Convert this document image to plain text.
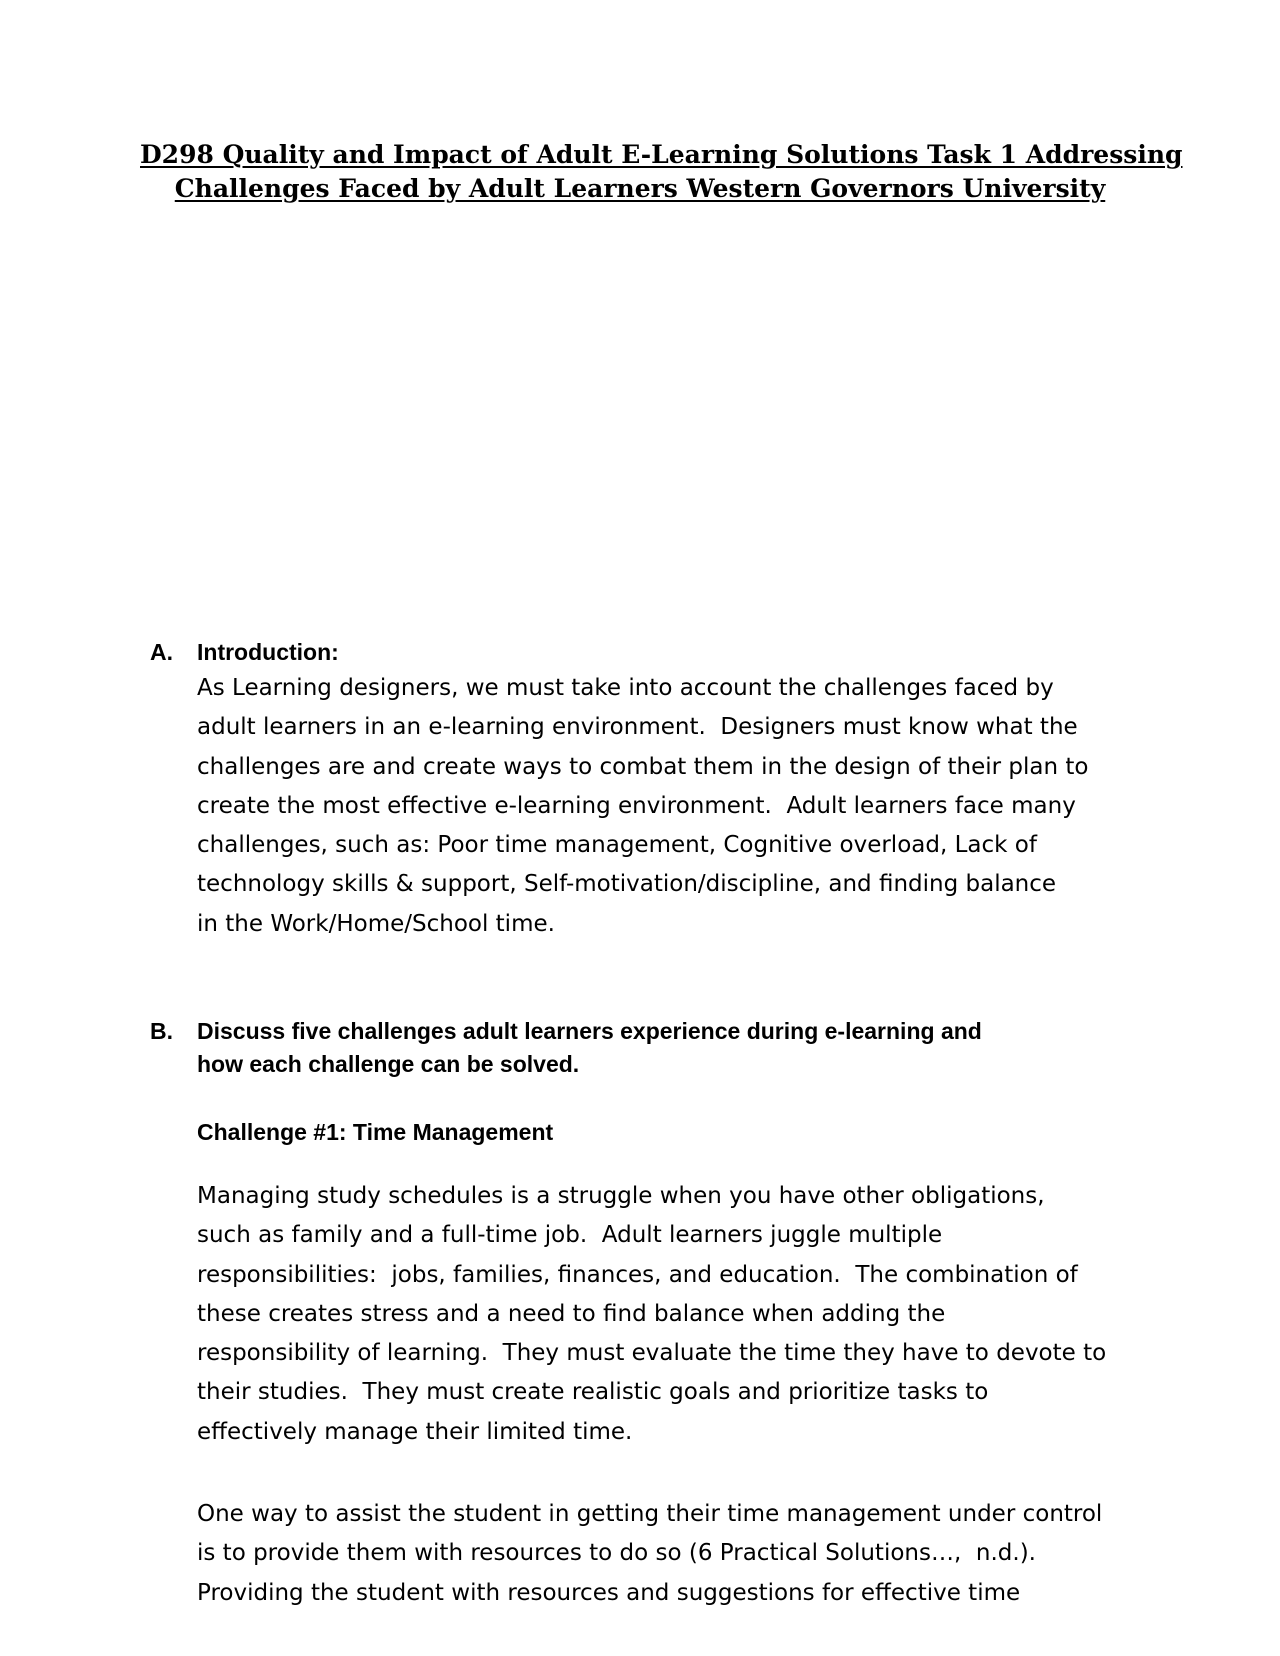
D298 Quality and Impact of Adult E-Learning Solutions Task 1 Addressing
Challenges Faced by Adult Learners Western Governors University
A. Introduction:

As Learning designers, we must take into account the challenges faced by
adult learners in an e-learning environment.  Designers must know what the
challenges are and create ways to combat them in the design of their plan to
create the most effective e-learning environment.  Adult learners face many
challenges, such as: Poor time management, Cognitive overload, Lack of
technology skills & support, Self-motivation/discipline, and finding balance
in the Work/Home/School time.

B. Discuss five challenges adult learners experience during e-learning and
how each challenge can be solved.

Challenge #1: Time Management

Managing study schedules is a struggle when you have other obligations,
such as family and a full-time job.  Adult learners juggle multiple
responsibilities:  jobs, families, finances, and education.  The combination of
these creates stress and a need to find balance when adding the
responsibility of learning.  They must evaluate the time they have to devote to
their studies.  They must create realistic goals and prioritize tasks to
effectively manage their limited time.

One way to assist the student in getting their time management under control
is to provide them with resources to do so (6 Practical Solutions…,  n.d.).
Providing the student with resources and suggestions for effective time
